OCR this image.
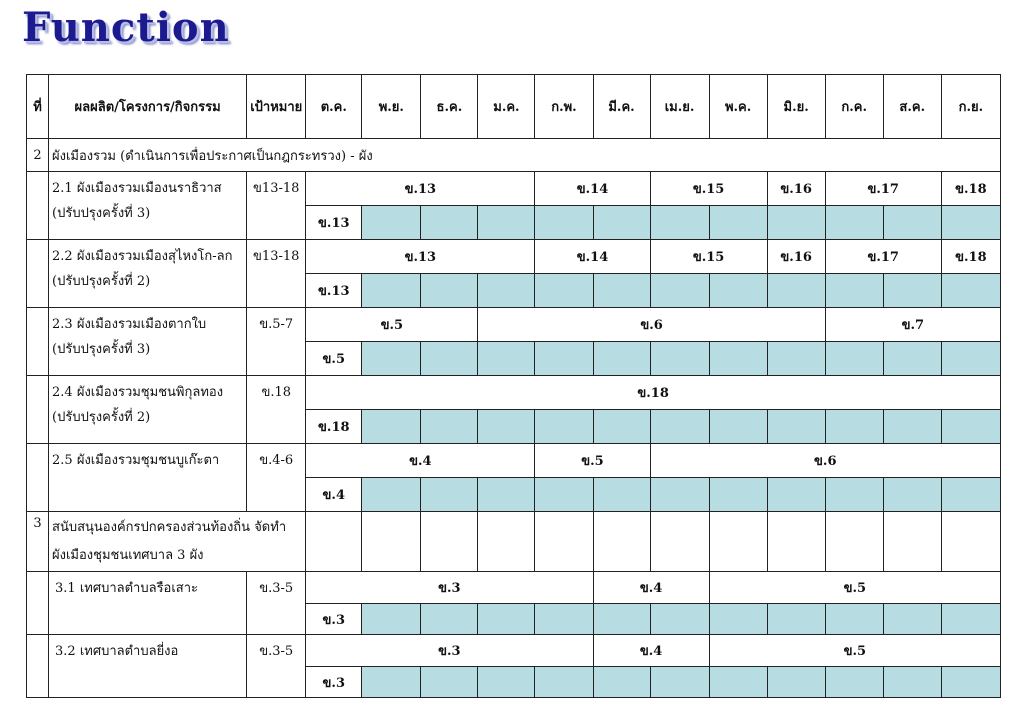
Function
ที่	ผลผลิต/โครงการ/กิจกรรม	เป้าหมาย	ต.ค.	พ.ย.	ธ.ค.	ม.ค.	ก.พ.	มี.ค.	เม.ย.	พ.ค.	มิ.ย.	ก.ค.	ส.ค.	ก.ย.
2	ผังเมืองรวม (ดำเนินการเพื่อประกาศเป็นกฎกระทรวง) - ผัง													
	2.1 ผังเมืองรวมเมืองนราธิวาส (ปรับปรุงครั้งที่ 3)	ข13-18	ข.13				ข.14		ข.15		ข.16	ข.17		ข.18
			ข.13											
	2.2 ผังเมืองรวมเมืองสุไหงโก-ลก (ปรับปรุงครั้งที่ 2)	ข13-18	ข.13				ข.14		ข.15		ข.16	ข.17		ข.18
			ข.13											
	2.3 ผังเมืองรวมเมืองตากใบ (ปรับปรุงครั้งที่ 3)	ข.5-7	ข.5			ข.6						ข.7		
			ข.5											
	2.4 ผังเมืองรวมชุมชนพิกุลทอง (ปรับปรุงครั้งที่ 2)	ข.18	ข.18											
			ข.18											
	2.5 ผังเมืองรวมชุมชนบูเก๊ะตา	ข.4-6	ข.4				ข.5		ข.6					
			ข.4											
3	สนับสนุนองค์กรปกครองส่วนท้องถิ่น จัดทำผังเมืองชุมชนเทศบาล 3 ผัง													
	3.1 เทศบาลตำบลรือเสาะ	ข.3-5	ข.3					ข.4		ข.5				
			ข.3											
	3.2 เทศบาลตำบลยี่งอ	ข.3-5	ข.3					ข.4		ข.5				
			ข.3											
